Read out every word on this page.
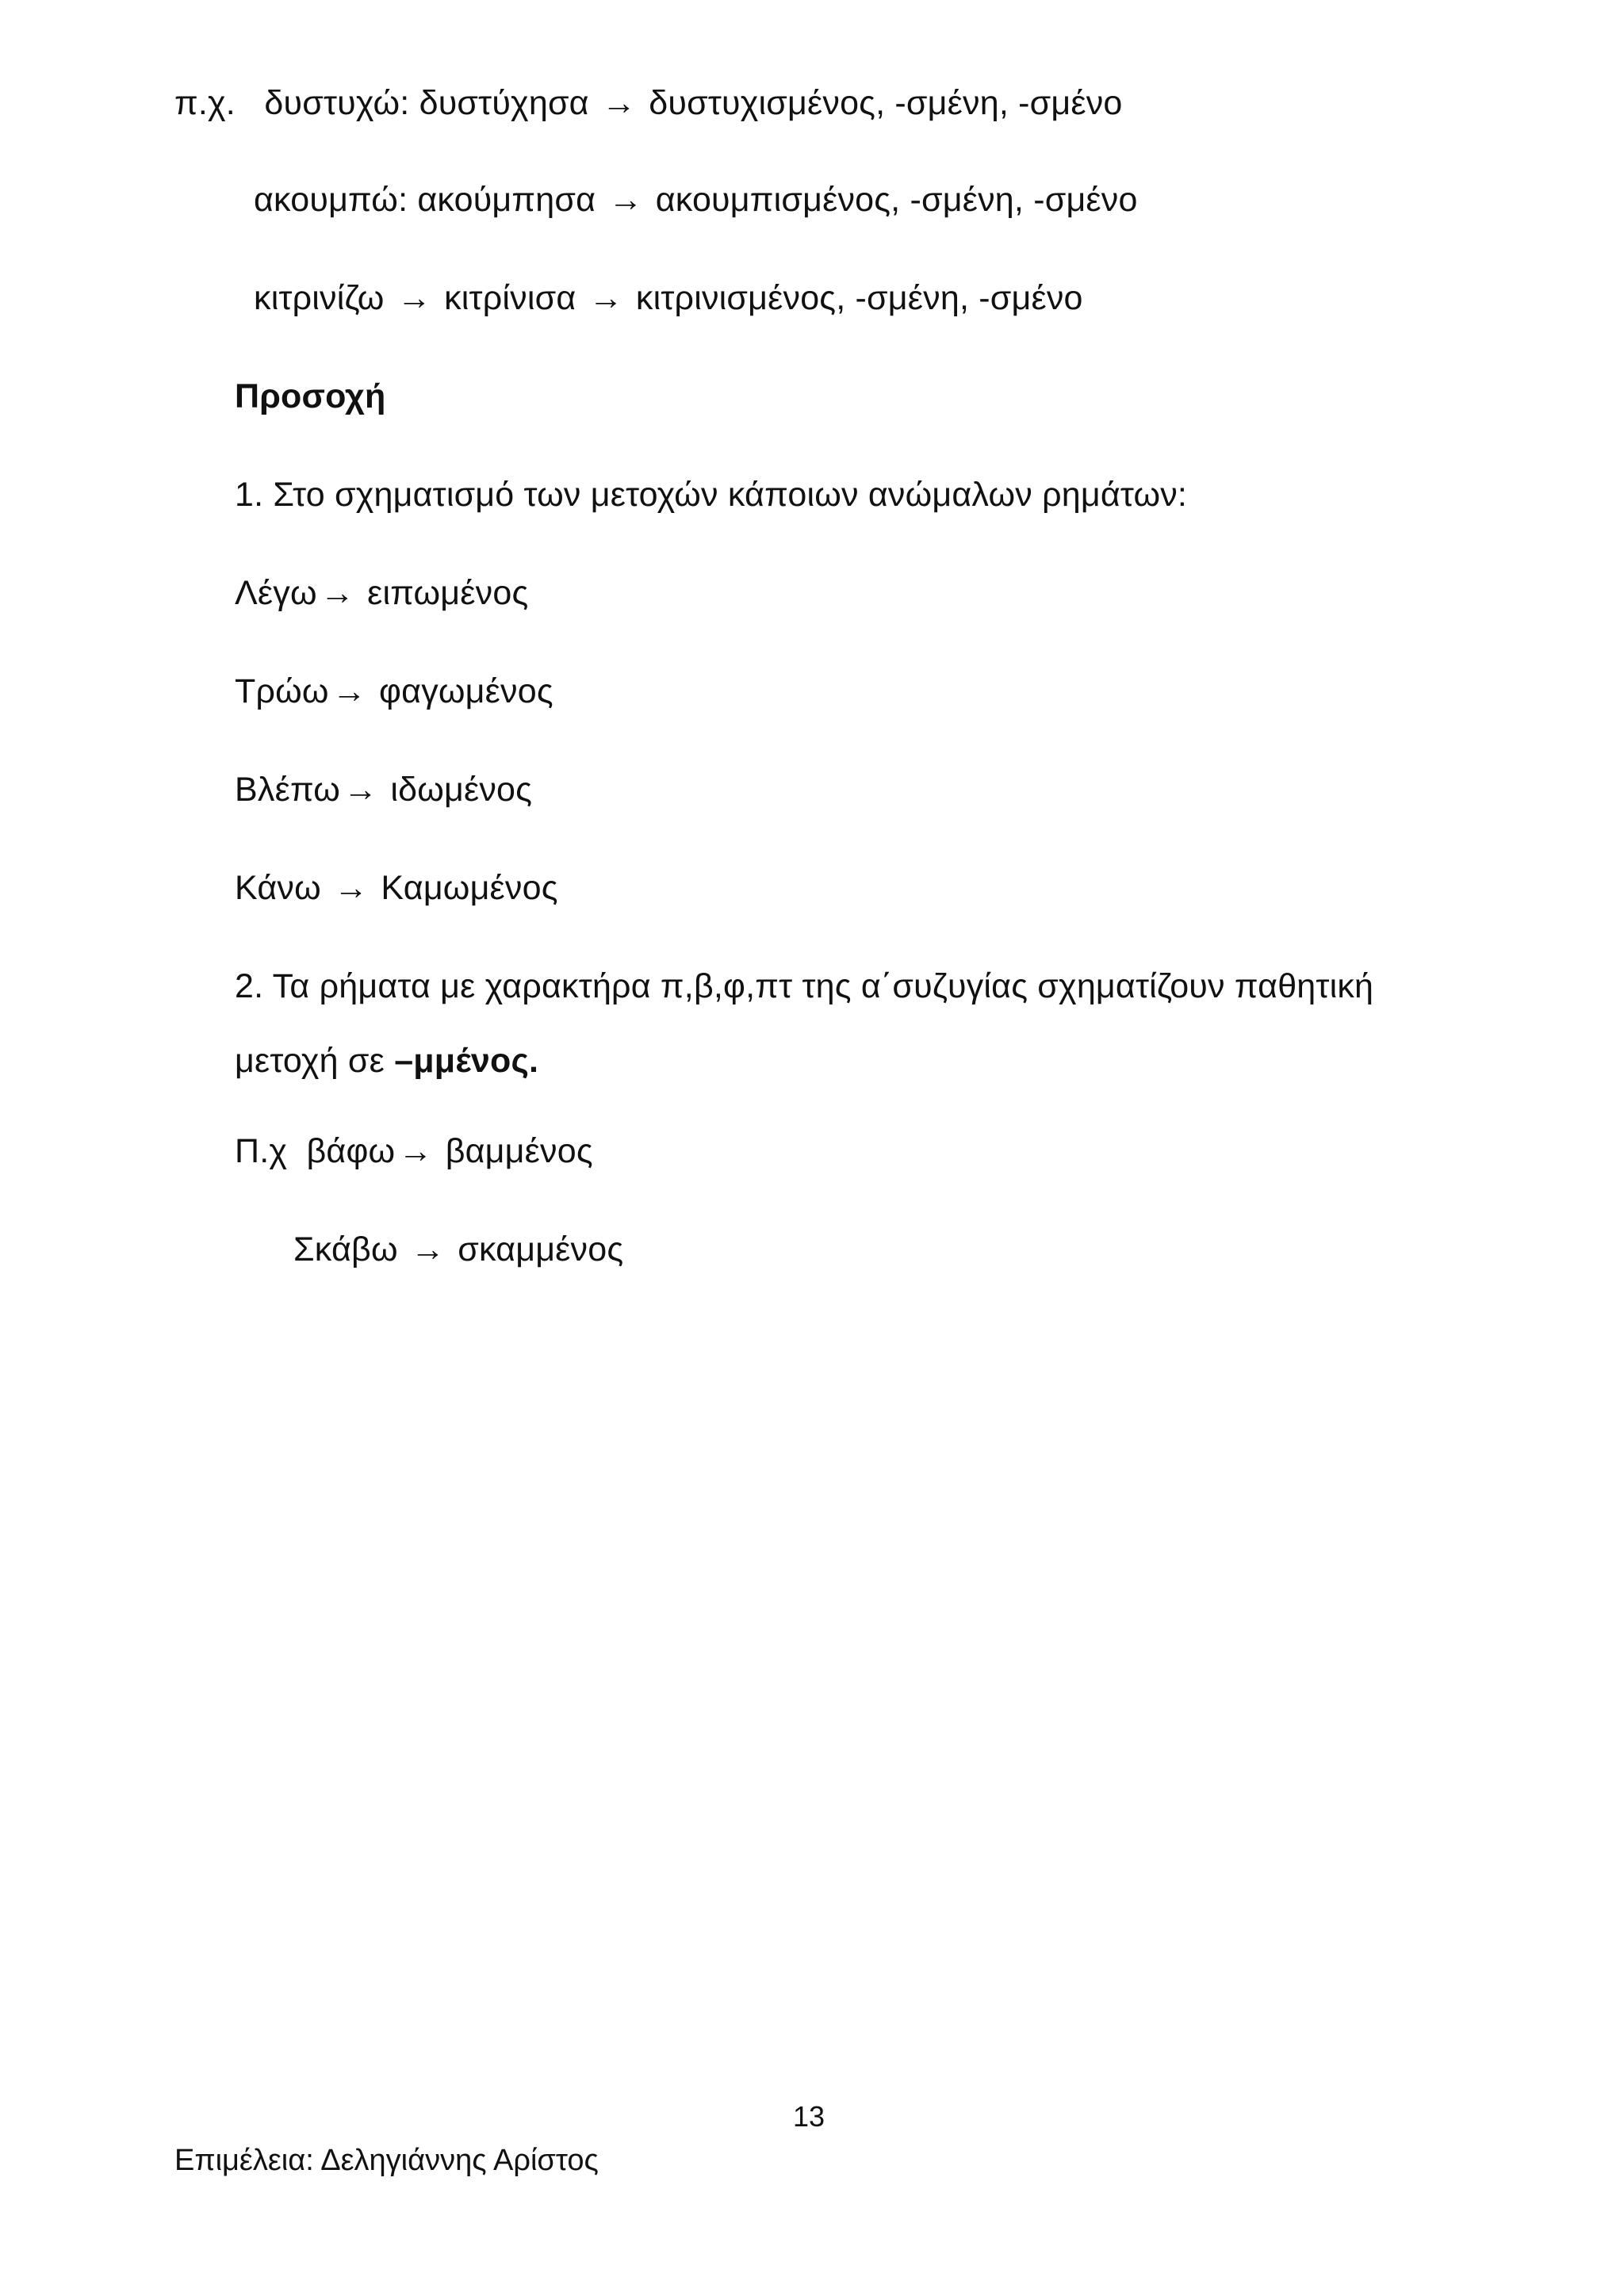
π.χ. δυστυχώ: δυστύχησα → δυστυχισμένος, -σμένη, -σμένο
ακουμπώ: ακούμπησα → ακουμπισμένος, -σμένη, -σμένο
κιτρινίζω → κιτρίνισα → κιτρινισμένος, -σμένη, -σμένο
Προσοχή
1. Στο σχηματισμό των μετοχών κάποιων ανώμαλων ρημάτων:
Λέγω→ ειπωμένος
Τρώω→ φαγωμένος
Βλέπω→ ιδωμένος
Κάνω → Καμωμένος
2. Τα ρήματα με χαρακτήρα π,β,φ,πτ της α΄συζυγίας σχηματίζουν παθητική
μετοχή σε –μμένος.
Π.χ βάφω→ βαμμένος
Σκάβω → σκαμμένος
13
Επιμέλεια: Δεληγιάννης Αρίστος
